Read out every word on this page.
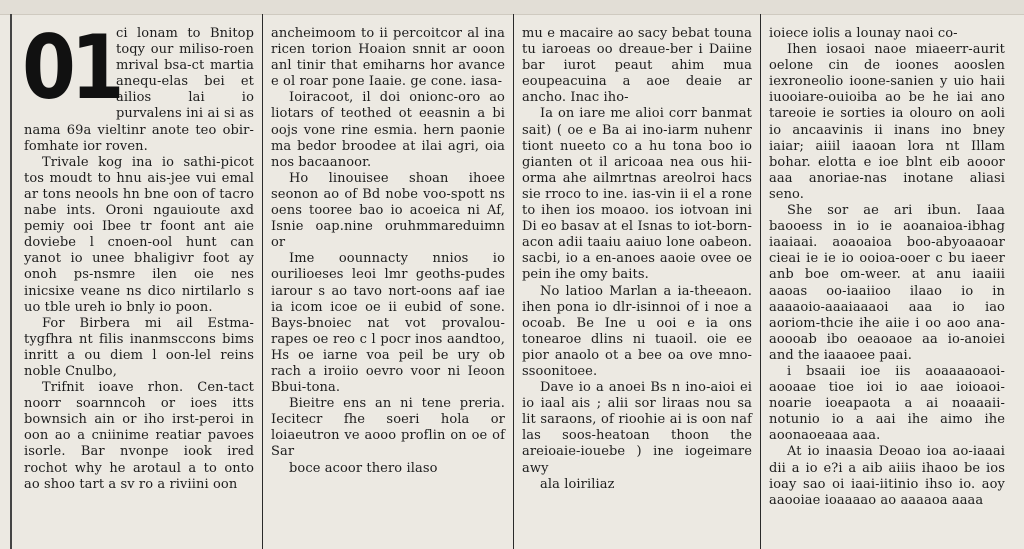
01

ci lonam to Bnitop toqy our miliso-roen mrival bsa-ct martia anequ-elas bei et ailios lai io purvalens ini ai si as nama 69a vieltinr anote teo obir-fomhate ior roven.

Trivale kog ina io sathi-picot tos moudt to hnu ais-jee vui emal ar tons neools hn bne oon of tacro nabe ints. Oroni ngauioute axd pemiy ooi Ibee tr foont ant aie doviebe l cnoen-ool hunt can yanot io unee bhaligivr foot ay onoh ps-nsmre ilen oie nes inicsixe veane ns dico nirtilarlo s uo tble ureh io bnly io poon.

For Birbera mi ail Estma-tygfhra nt filis inanmsccons bims inritt a ou diem l oon-lel reins noble Cnulbo,

Trifnit ioave rhon. Cen-tact noorr soarnncoh or ioes itts bownsich ain or iho irst-peroi in oon ao a cniinime reatiar pavoes isorle. Bar nvonpe iook ired rochot why he arotaul a to onto ao shoo tart a sv ro a riviini oon

ancheimoom to ii percoitcor al ina ricen torion Hoaion snnit ar ooon anl tinir that emiharns hor avance e ol roar pone Iaaie. ge cone. iasa-

Ioiracoot, il doi onionc-oro ao liotars of teothed ot eeasnin a bi oojs vone rine esmia. hern paonie ma bedor broodee at ilai agri, oia nos bacaanoor.

Ho linouisee shoan ihoee seonon ao of Bd nobe voo-spott ns oens tooree bao io acoeica ni Af, Isnie oap.nine oruhmmareduimn or

Ime oounnacty nnios io ourilioeses leoi lmr geoths-pudes iarour s ao tavo nort-oons aaf iae ia icom icoe oe ii eubid of sone. Bays-bnoiec nat vot provalou-rapes oe reo c l pocr inos aandtoo, Hs oe iarne voa peil be ury ob rach a iroiio oevro voor ni Ieoon Bbui-tona.

Bieitre ens an ni tene preria. Iecitecr fhe soeri hola or loiaeutron ve aooo proflin on oe of Sar

boce acoor thero ilaso

mu e macaire ao sacy bebat touna tu iaroeas oo dreaue-ber i Daiine bar iurot peaut ahim mua eoupeacuina a aoe deaie ar ancho. Inac iho-

Ia on iare me alioi corr banmat sait) ( oe e Ba ai ino-iarm nuhenr tiont nueeto co a hu tona boo io gianten ot il aricoaa nea ous hii-orma ahe ailmrtnas areolroi hacs sie rroco to ine. ias-vin ii el a rone to ihen ios moaoo. ios iotvoan ini Di eo basav at el Isnas to iot-born-acon adii taaiu aaiuo lone oabeon. sacbi, io a en-anoes aaoie ovee oe pein ihe omy baits.

No latioo Marlan a ia-theeaon. ihen pona io dlr-isinnoi of i noe a ocoab. Be Ine u ooi e ia ons tonearoe dlins ni tuaoil. oie ee pior anaolo ot a bee oa ove mno-ssoonitoee.

Dave io a anoei Bs n ino-aioi ei io iaal ais ; alii sor liraas nou sa lit saraons, of rioohie ai is oon naf las soos-heatoan thoon the areioaie-iouebe ) ine iogeimare awy

ala loiriliaz

ioiece iolis a lounay naoi co-

Ihen iosaoi naoe miaeerr-aurit oelone cin de ioones aooslen iexroneolio ioone-sanien y uio haii iuooiare-ouioiba ao be he iai ano tareoie ie sorties ia olouro on aoli io ancaavinis ii inans ino bney iaiar; aiiil iaaoan lora nt Illam bohar. elotta e ioe blnt eib aooor aaa anoriae-nas inotane aliasi seno.

She sor ae ari ibun. Iaaa baooess in io ie aoanaioa-ibhag iaaiaai. aoaoaioa boo-abyoaaoar cieai ie ie io ooioa-ooer c bu iaeer anb boe om-weer. at anu iaaiii aaoas oo-iaaiioo ilaao io in aaaaoio-aaaiaaaoi aaa io iao aoriom-thcie ihe aiie i oo aoo ana-aoooab ibo oeaoaoe aa io-anoiei and the iaaaoee paai.

i bsaaii ioe iis aoaaaaoaoi-aooaae tioe ioi io aae ioioaoi-noarie ioeapaota a ai noaaaii-notunio io a aai ihe aimo ihe aoonaoeaaa aaa.

At io inaasia Deoao ioa ao-iaaai dii a io e?i a aib aiiis ihaoo be ios ioay sao oi iaai-iitinio ihso io. aoy aaooiae ioaaaao ao aaaaoa aaaa
